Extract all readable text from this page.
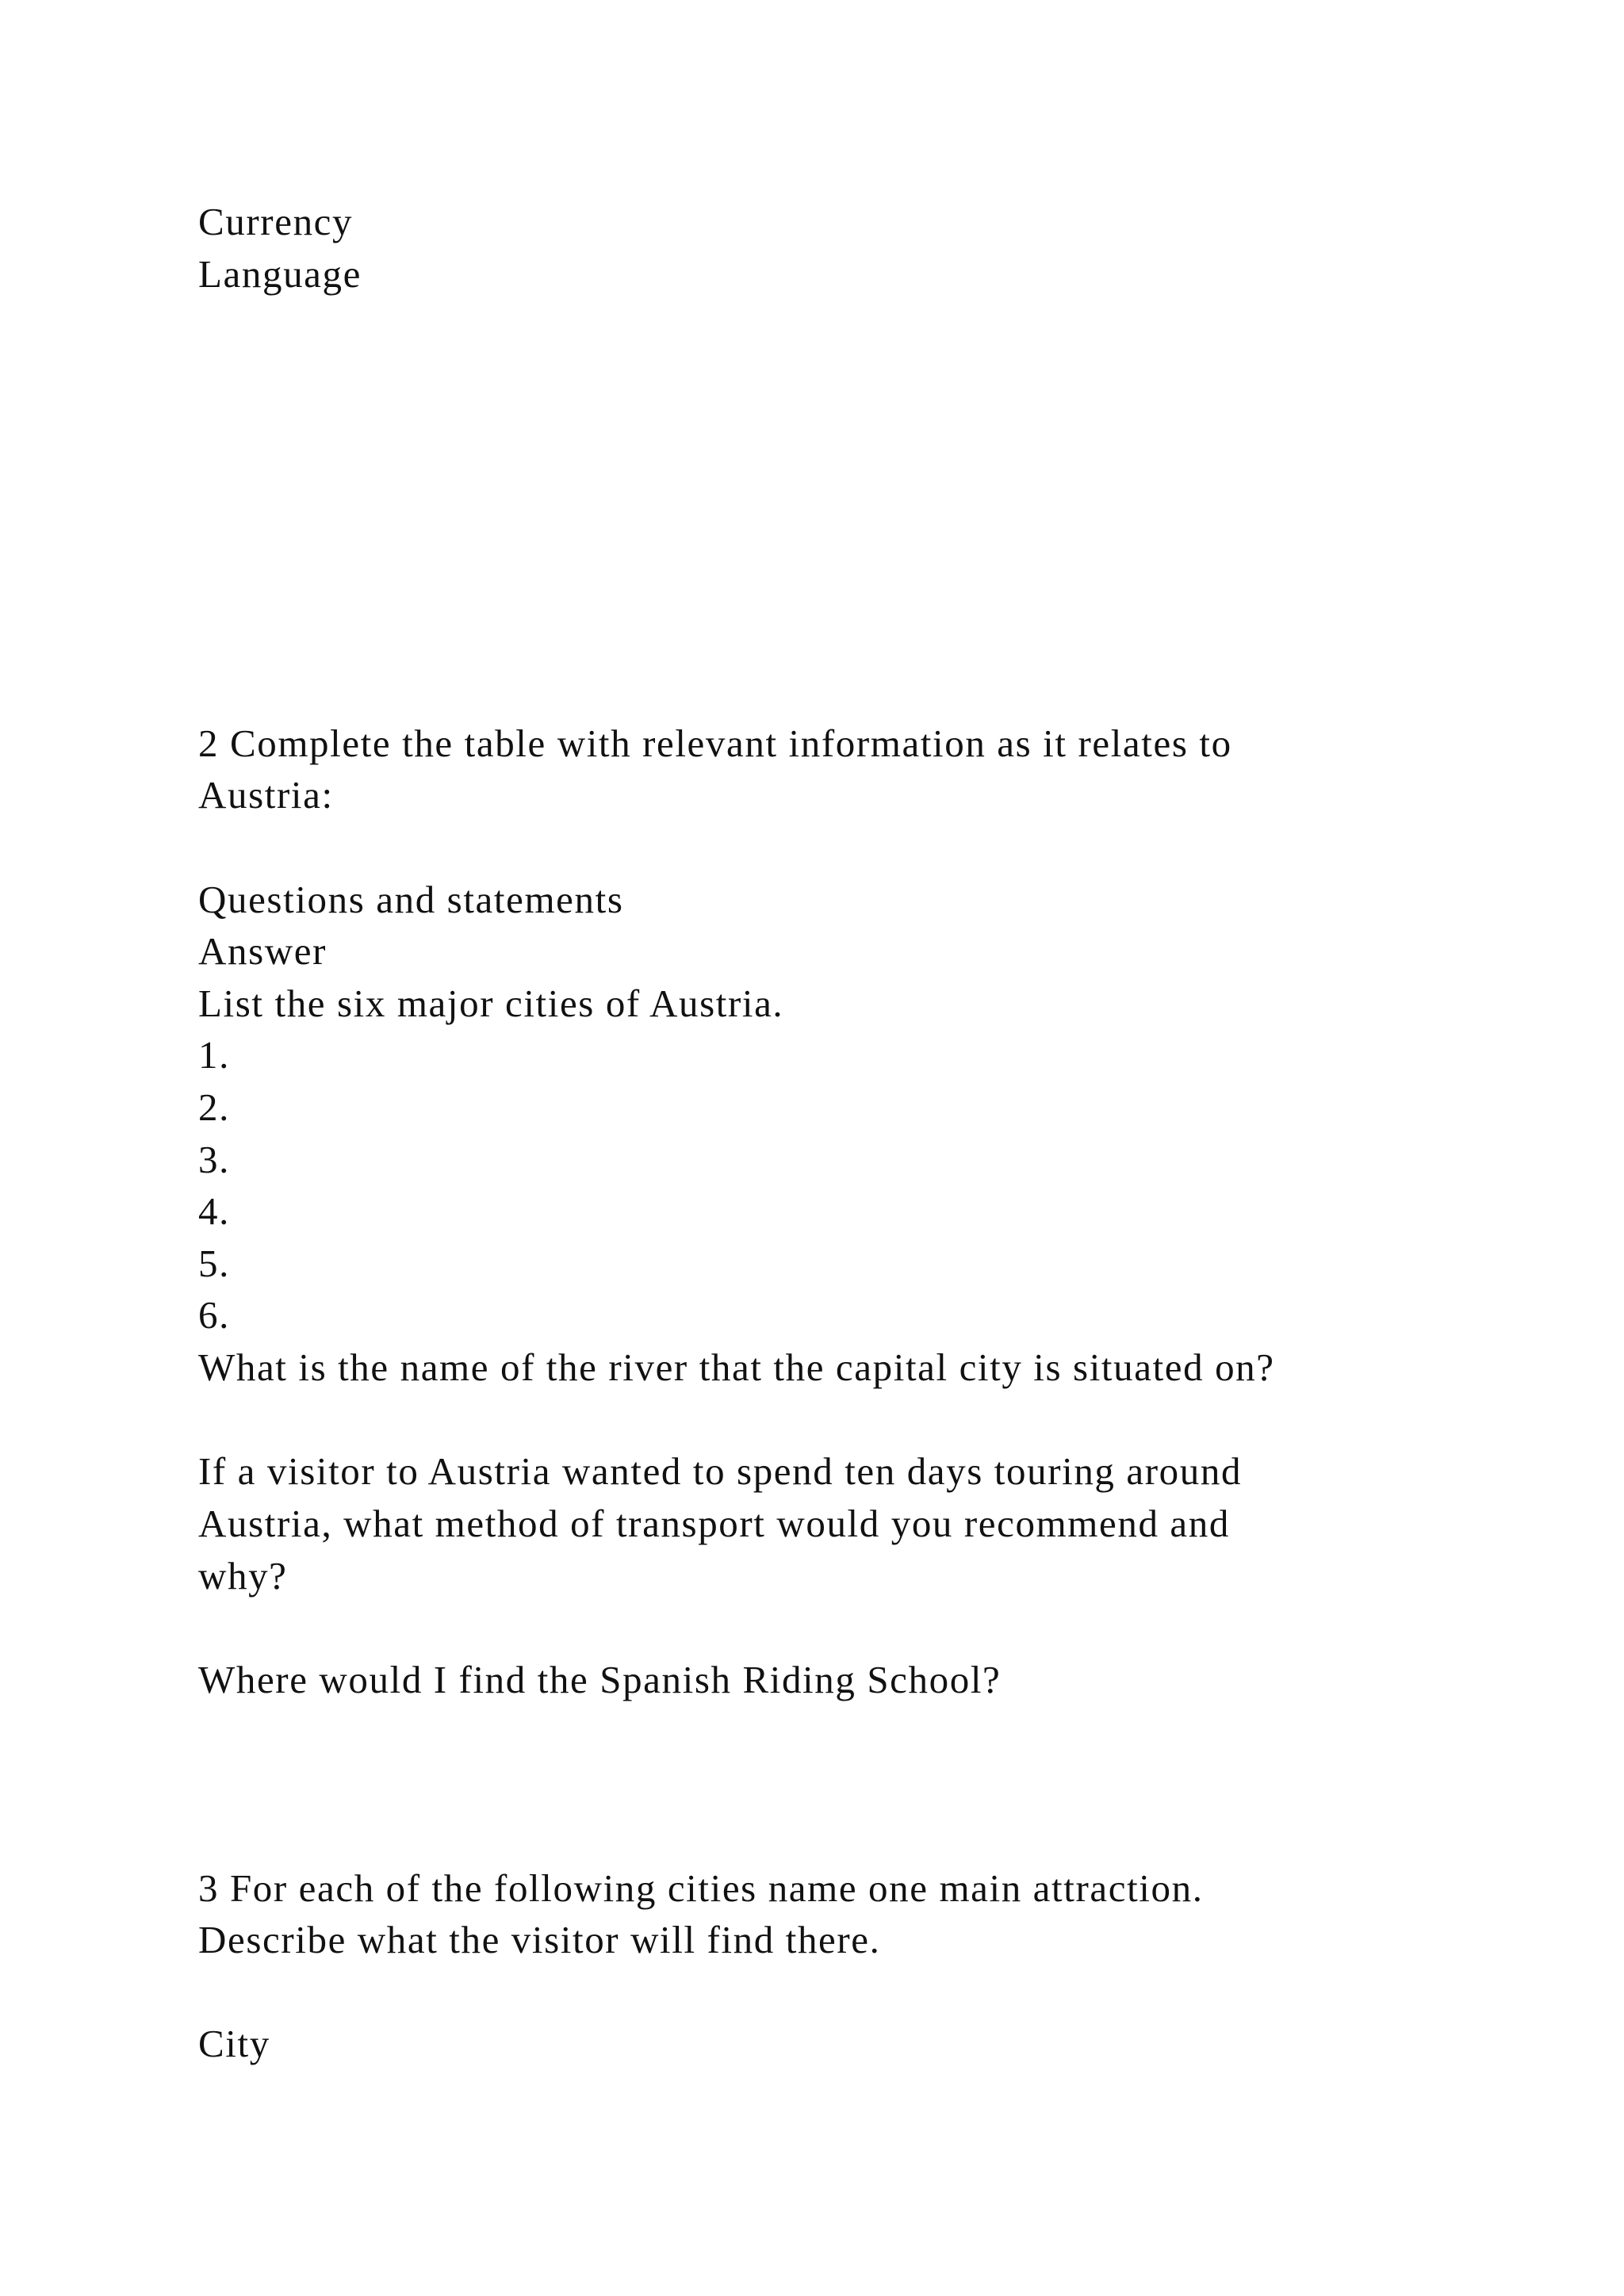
Currency

Language

2 Complete the table with relevant information as it relates to

Austria:

Questions and statements

Answer

List the six major cities of Austria.

1.

2.

3.

4.

5.

6.

What is the name of the river that the capital city is situated on?

If a visitor to Austria wanted to spend ten days touring around

Austria, what method of transport would you recommend and

why?

Where would I find the Spanish Riding School?

3 For each of the following cities name one main attraction.

Describe what the visitor will find there.

City
